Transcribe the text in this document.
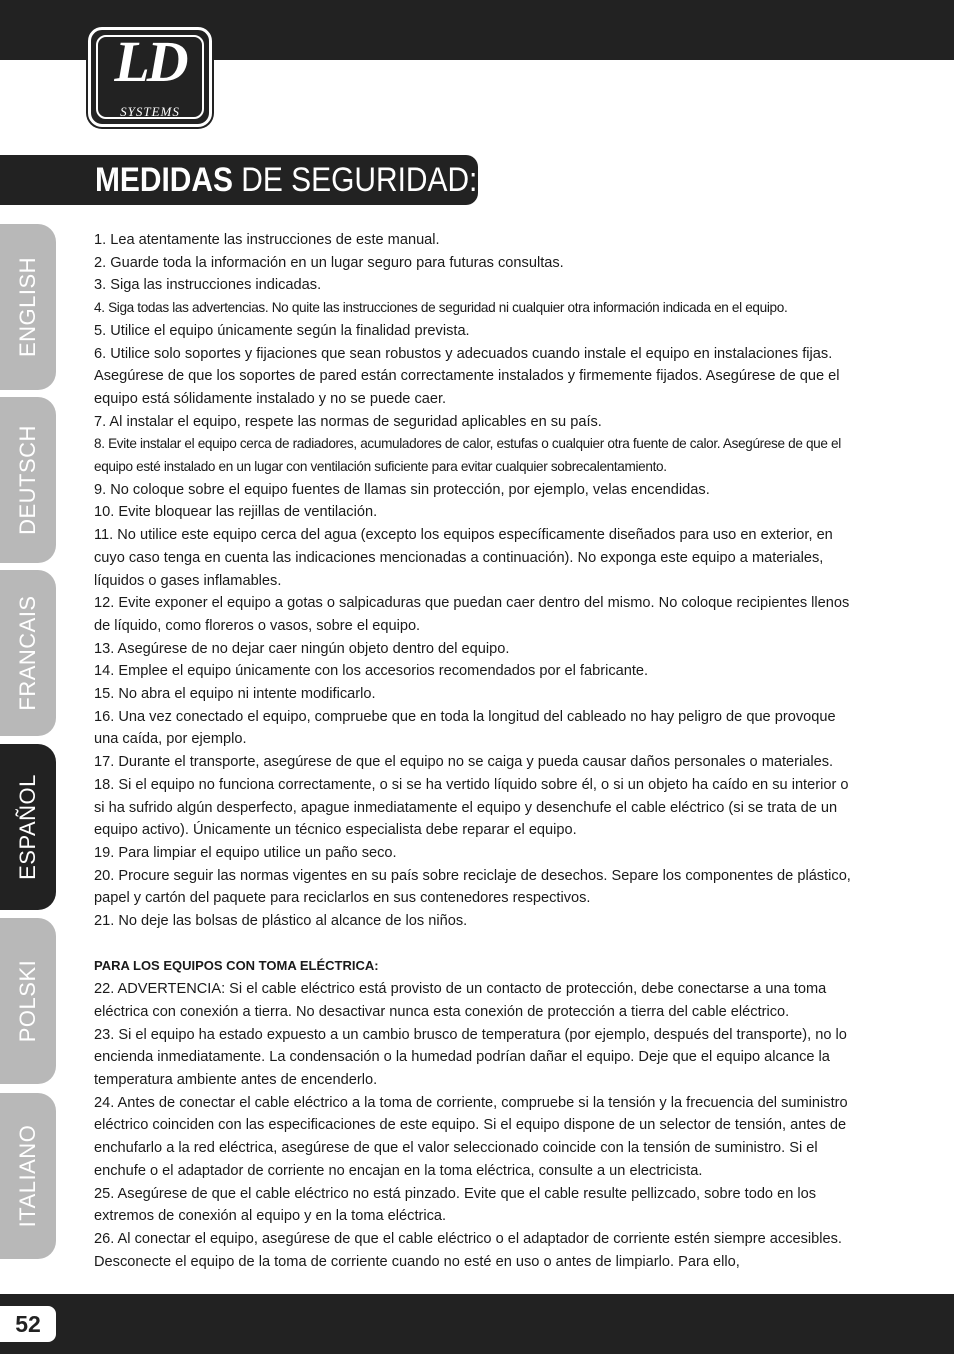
LD
SYSTEMS
MEDIDAS DE SEGURIDAD:
ENGLISH
DEUTSCH
FRANCAIS
ESPAÑOL
POLSKI
ITALIANO

1. Lea atentamente las instrucciones de este manual.

2. Guarde toda la información en un lugar seguro para futuras consultas.

3. Siga las instrucciones indicadas.

4. Siga todas las advertencias. No quite las instrucciones de seguridad ni cualquier otra información indicada en el equipo.

5. Utilice el equipo únicamente según la finalidad prevista.

6. Utilice solo soportes y fijaciones que sean robustos y adecuados cuando instale el equipo en instalaciones fijas. Asegúrese de que los soportes de pared están correctamente instalados y firmemente fijados. Asegúrese de que el equipo está sólidamente instalado y no se puede caer.

7. Al instalar el equipo, respete las normas de seguridad aplicables en su país.

8. Evite instalar el equipo cerca de radiadores, acumuladores de calor, estufas o cualquier otra fuente de calor. Asegúrese de que el equipo esté instalado en un lugar con ventilación suficiente para evitar cualquier sobrecalentamiento.

9. No coloque sobre el equipo fuentes de llamas sin protección, por ejemplo, velas encendidas.

10. Evite bloquear las rejillas de ventilación.

11. No utilice este equipo cerca del agua (excepto los equipos específicamente diseñados para uso en exterior, en cuyo caso tenga en cuenta las indicaciones mencionadas a continuación). No exponga este equipo a materiales, líquidos o gases inflamables.

12. Evite exponer el equipo a gotas o salpicaduras que puedan caer dentro del mismo. No coloque recipientes llenos de líquido, como floreros o vasos, sobre el equipo.

13. Asegúrese de no dejar caer ningún objeto dentro del equipo.

14. Emplee el equipo únicamente con los accesorios recomendados por el fabricante.

15. No abra el equipo ni intente modificarlo.

16. Una vez conectado el equipo, compruebe que en toda la longitud del cableado no hay peligro de que provoque una caída, por ejemplo.

17. Durante el transporte, asegúrese de que el equipo no se caiga y pueda causar daños personales o materiales.

18. Si el equipo no funciona correctamente, o si se ha vertido líquido sobre él, o si un objeto ha caído en su interior o si ha sufrido algún desperfecto, apague inmediatamente el equipo y desenchufe el cable eléctrico (si se trata de un equipo activo). Únicamente un técnico especialista debe reparar el equipo.

19. Para limpiar el equipo utilice un paño seco.

20. Procure seguir las normas vigentes en su país sobre reciclaje de desechos. Separe los componentes de plástico, papel y cartón del paquete para reciclarlos en sus contenedores respectivos.

21. No deje las bolsas de plástico al alcance de los niños.

PARA LOS EQUIPOS CON TOMA ELÉCTRICA:

22. ADVERTENCIA: Si el cable eléctrico está provisto de un contacto de protección, debe conectarse a una toma eléctrica con conexión a tierra. No desactivar nunca esta conexión de protección a tierra del cable eléctrico.

23. Si el equipo ha estado expuesto a un cambio brusco de temperatura (por ejemplo, después del transporte), no lo encienda inmediatamente. La condensación o la humedad podrían dañar el equipo. Deje que el equipo alcance la temperatura ambiente antes de encenderlo.

24. Antes de conectar el cable eléctrico a la toma de corriente, compruebe si la tensión y la frecuencia del suministro eléctrico coinciden con las especificaciones de este equipo. Si el equipo dispone de un selector de tensión, antes de enchufarlo a la red eléctrica, asegúrese de que el valor seleccionado coincide con la tensión de suministro. Si el enchufe o el adaptador de corriente no encajan en la toma eléctrica, consulte a un electricista.

25. Asegúrese de que el cable eléctrico no está pinzado. Evite que el cable resulte pellizcado, sobre todo en los extremos de conexión al equipo y en la toma eléctrica.

26. Al conectar el equipo, asegúrese de que el cable eléctrico o el adaptador de corriente estén siempre accesibles. Desconecte el equipo de la toma de corriente cuando no esté en uso o antes de limpiarlo. Para ello,

52
